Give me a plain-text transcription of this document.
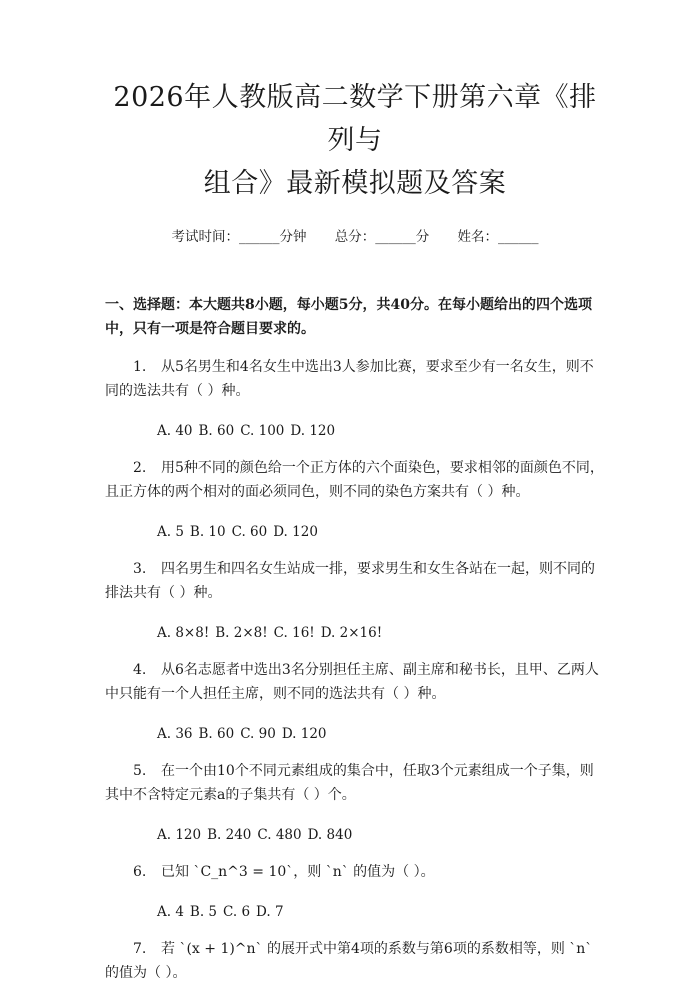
2026年人教版高二数学下册第六章《排列与
组合》最新模拟题及答案
考试时间：______分钟 总分：______分 姓名：______
一、选择题：本大题共8小题，每小题5分，共40分。在每小题给出的四个选项中，只有一项是符合题目要求的。
1. 从5名男生和4名女生中选出3人参加比赛，要求至少有一名女生，则不同的选法共有（ ）种。
A. 40 B. 60 C. 100 D. 120
2. 用5种不同的颜色给一个正方体的六个面染色，要求相邻的面颜色不同，且正方体的两个相对的面必须同色，则不同的染色方案共有（ ）种。
A. 5 B. 10 C. 60 D. 120
3. 四名男生和四名女生站成一排，要求男生和女生各站在一起，则不同的排法共有（ ）种。
A. 8×8! B. 2×8! C. 16! D. 2×16!
4. 从6名志愿者中选出3名分别担任主席、副主席和秘书长，且甲、乙两人中只能有一个人担任主席，则不同的选法共有（ ）种。
A. 36 B. 60 C. 90 D. 120
5. 在一个由10个不同元素组成的集合中，任取3个元素组成一个子集，则其中不含特定元素a的子集共有（ ）个。
A. 120 B. 240 C. 480 D. 840
6. 已知 `C_n^3 = 10`，则 `n` 的值为（ ）。
A. 4 B. 5 C. 6 D. 7
7. 若 `(x + 1)^n` 的展开式中第4项的系数与第6项的系数相等，则 `n` 的值为（ ）。
